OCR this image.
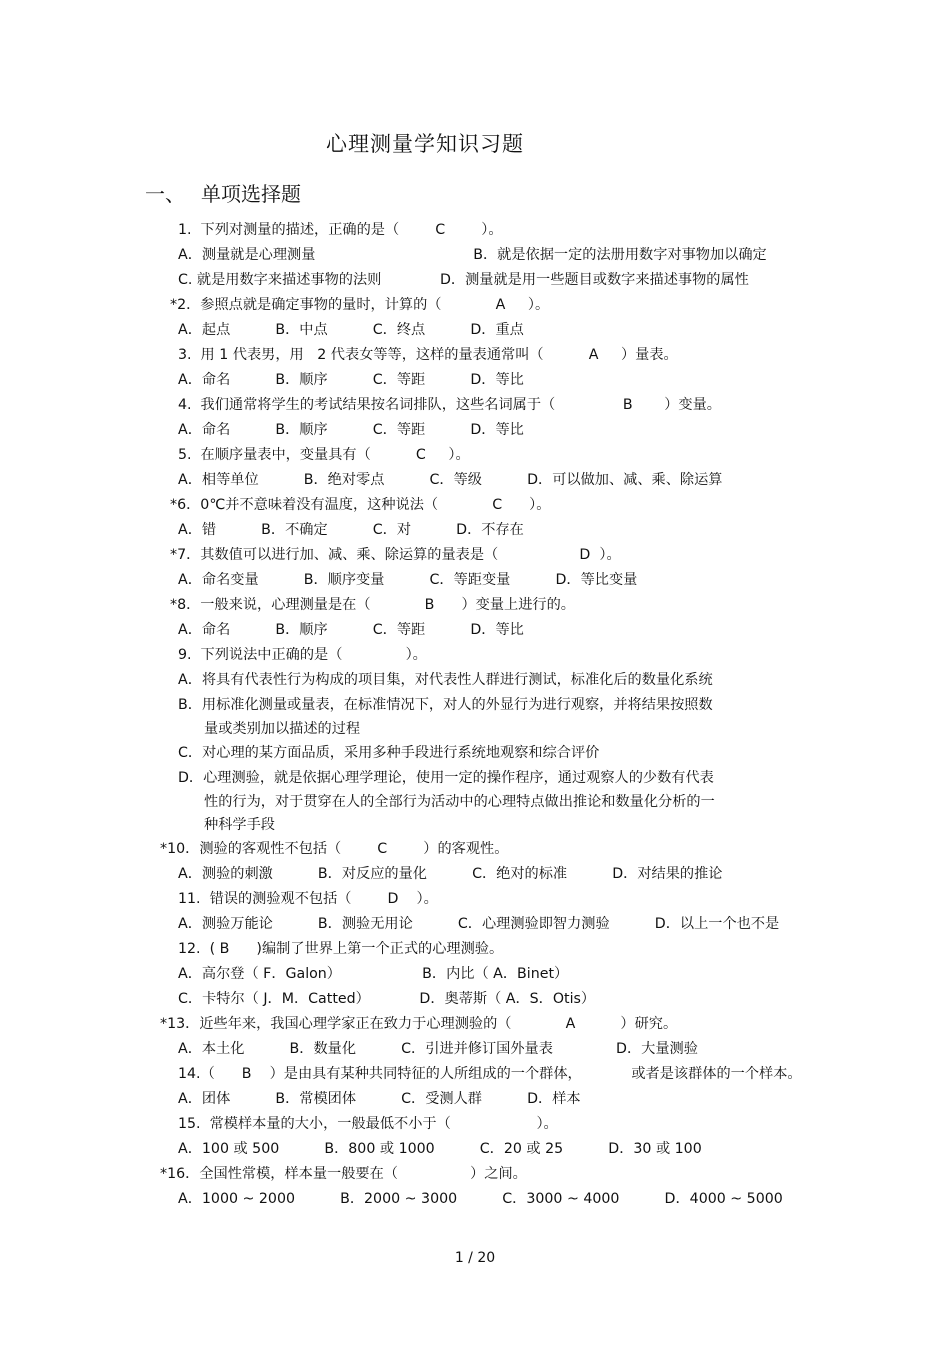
心理测量学知识习题
一、 单项选择题
1.  下列对测量的描述，正确的是（        C        ）。
A．测量就是心理测量                                   B．就是依据一定的法册用数字对事物加以确定
C. 就是用数字来描述事物的法则             D．测量就是用一些题目或数字来描述事物的属性
*2．参照点就是确定事物的量时，计算的（            A     ）。
A．起点          B．中点          C．终点          D．重点
3.  用 1 代表男，用   2 代表女等等，这样的量表通常叫（          A     ）量表。
A．命名          B．顺序          C．等距          D．等比
4.  我们通常将学生的考试结果按名词排队，这些名词属于（               B       ）变量。
A．命名          B．顺序          C．等距          D．等比
5.  在顺序量表中，变量具有（          C     ）。
A．相等单位          B．绝对零点          C．等级          D．可以做加、减、乘、除运算
*6．0℃并不意味着没有温度，这种说法（            C      ）。
A．错          B．不确定          C．对          D．不存在
*7．其数值可以进行加、减、乘、除运算的量表是（                  D  ）。
A．命名变量          B．顺序变量          C．等距变量          D．等比变量
*8．一般来说，心理测量是在（            B      ）变量上进行的。
A．命名          B．顺序          C．等距          D．等比
9.  下列说法中正确的是（              ）。
A．将具有代表性行为构成的项目集，对代表性人群进行测试，标准化后的数量化系统
B．用标准化测量或量表，在标准情况下，对人的外显行为进行观察，并将结果按照数
量或类别加以描述的过程
C．对心理的某方面品质，采用多种手段进行系统地观察和综合评价
D．心理测验，就是依据心理学理论，使用一定的操作程序，通过观察人的少数有代表
性的行为，对于贯穿在人的全部行为活动中的心理特点做出推论和数量化分析的一
种科学手段
*10．测验的客观性不包括（        C        ）的客观性。
A．测验的刺激          B．对反应的量化          C．绝对的标准          D．对结果的推论
11.  错误的测验观不包括（        D    ）。
A．测验万能论          B．测验无用论          C．心理测验即智力测验          D．以上一个也不是
12.  ( B      )编制了世界上第一个正式的心理测验。
A．高尔登（ F．Galon）                  B．内比（ A．Binet）
C．卡特尔（ J．M．Catted）           D．奥蒂斯（ A．S．Otis）
*13．近些年来，我国心理学家正在致力于心理测验的（            A          ）研究。
A．本土化          B．数量化          C．引进并修订国外量表              D．大量测验
14.（      B    ）是由具有某种共同特征的人所组成的一个群体，           或者是该群体的一个样本。
A．团体          B．常模团体          C．受测人群          D．样本
15.  常模样本量的大小，一般最低不小于（                   ）。
A．100 或 500          B．800 或 1000          C．20 或 25          D．30 或 100
*16．全国性常模，样本量一般要在（                ）之间。
A．1000 ~ 2000          B．2000 ~ 3000          C．3000 ~ 4000          D．4000 ~ 5000
1 / 20
